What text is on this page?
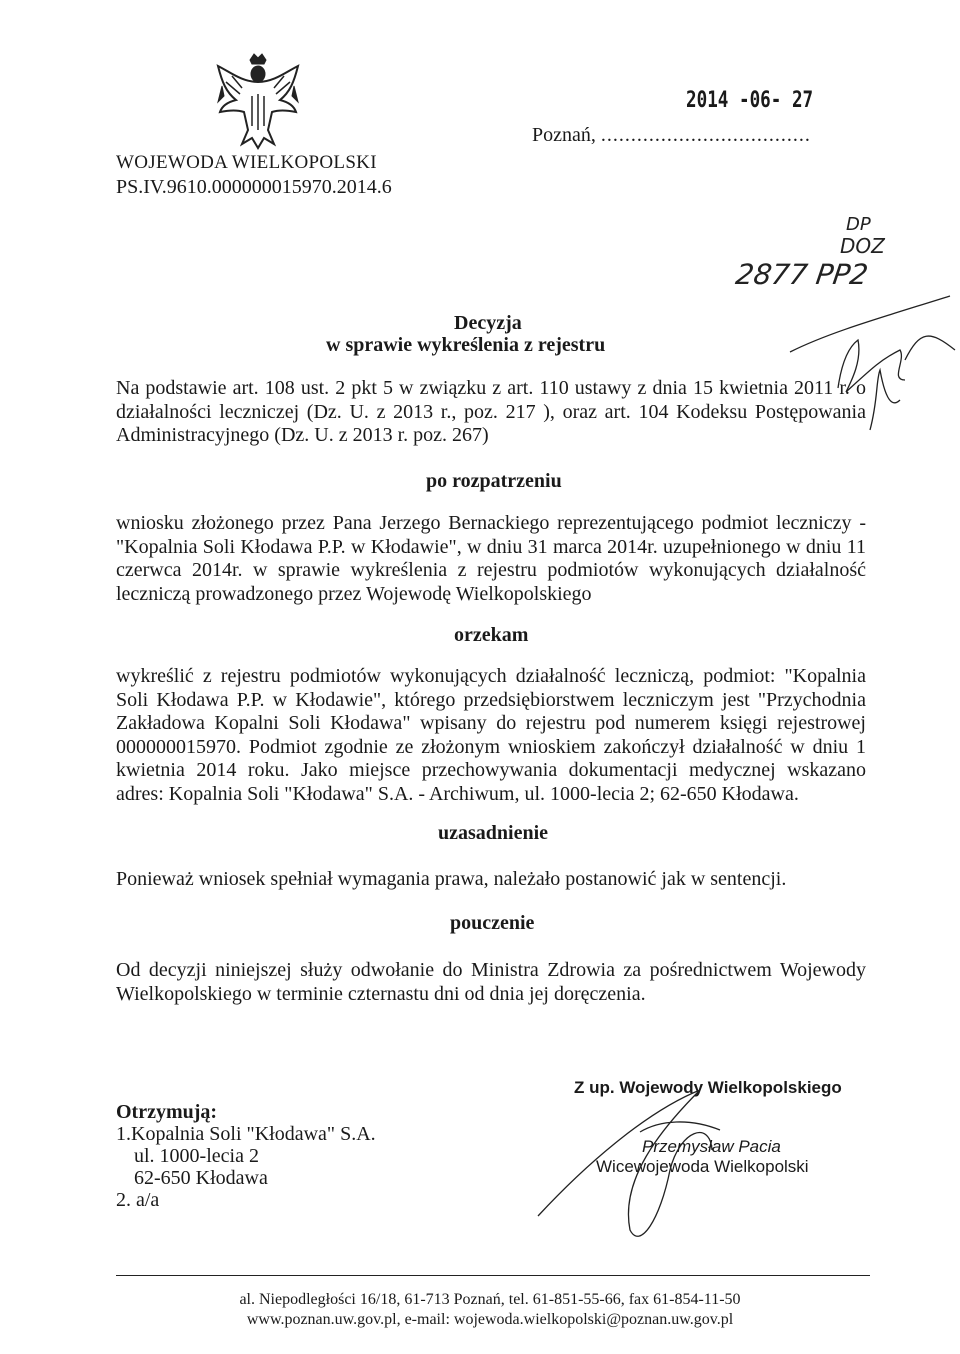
WOJEWODA WIELKOPOLSKI
PS.IV.9610.000000015970.2014.6
2014 -06- 27
Poznań, ...................................
DP
DOZ
2877 PP2
Decyzja
w sprawie wykreślenia z rejestru

Na podstawie art. 108 ust. 2 pkt 5 w związku z art. 110 ustawy z dnia 15 kwietnia 2011 r. o działalności leczniczej (Dz. U. z 2013 r., poz. 217 ), oraz art. 104 Kodeksu Postępowania Administracyjnego (Dz. U. z 2013 r. poz. 267)

po rozpatrzeniu

wniosku złożonego przez Pana Jerzego Bernackiego reprezentującego podmiot leczniczy - "Kopalnia Soli Kłodawa P.P. w Kłodawie", w dniu 31 marca 2014r. uzupełnionego w dniu 11 czerwca 2014r. w sprawie wykreślenia z rejestru podmiotów wykonujących działalność leczniczą prowadzonego przez Wojewodę Wielkopolskiego

orzekam

wykreślić z rejestru podmiotów wykonujących działalność leczniczą, podmiot: "Kopalnia Soli Kłodawa P.P. w Kłodawie", którego przedsiębiorstwem leczniczym jest "Przychodnia Zakładowa Kopalni Soli Kłodawa" wpisany do rejestru pod numerem księgi rejestrowej 000000015970. Podmiot zgodnie ze złożonym wnioskiem zakończył działalność w dniu 1 kwietnia 2014 roku. Jako miejsce przechowywania dokumentacji medycznej wskazano adres: Kopalnia Soli "Kłodawa" S.A. - Archiwum, ul. 1000-lecia 2; 62-650 Kłodawa.

uzasadnienie

Ponieważ wniosek spełniał wymagania prawa, należało postanowić jak w sentencji.

pouczenie

Od decyzji niniejszej służy odwołanie do Ministra Zdrowia za pośrednictwem Wojewody Wielkopolskiego w terminie czternastu dni od dnia jej doręczenia.

Otrzymują:
1.Kopalnia Soli "Kłodawa" S.A.
ul. 1000-lecia 2
62-650 Kłodawa
2. a/a
Z up. Wojewody Wielkopolskiego
Przemysław Pacia
Wicewojewoda Wielkopolski
al. Niepodległości 16/18, 61-713 Poznań, tel. 61-851-55-66, fax 61-854-11-50
www.poznan.uw.gov.pl, e-mail: wojewoda.wielkopolski@poznan.uw.gov.pl
